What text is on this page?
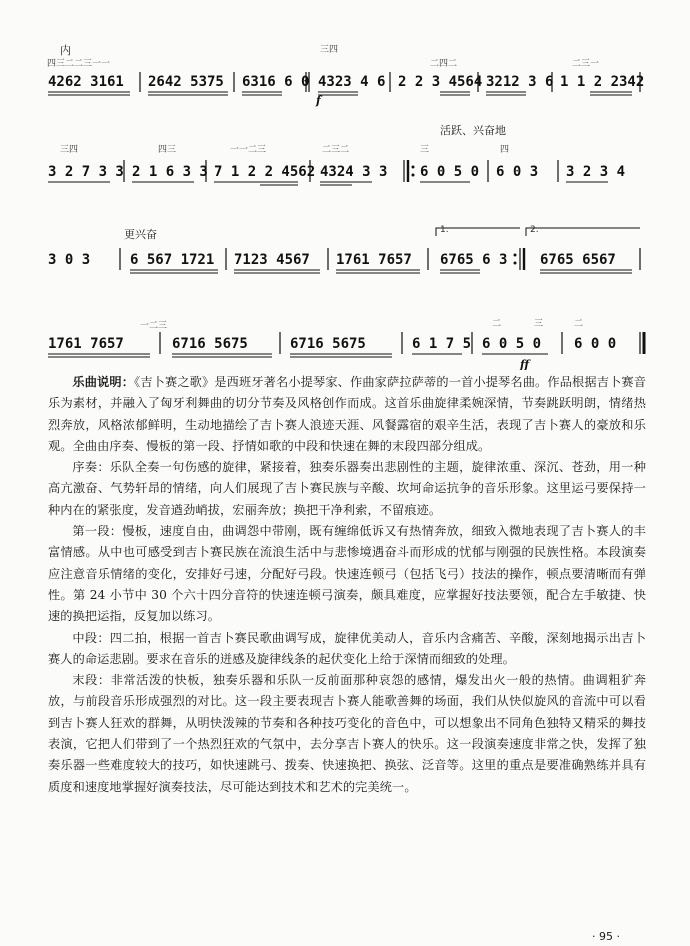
内
四三二二三一一
三四
二四二	二三一
4262 3161 2642 5375 6316 6 0 4323 4 6 2 2 3 4564 3212 3 6 1 1 2 2342
f
活跃、兴奋地
三四	四三	一一二三	二三二	三	四
3 2 7 3 3 2 1 6 3 3 7 1 2 2 4562 4324 3 3 6 0 5 0 6 0 3 3 2 3 4
更兴奋	1.	2.
3 0 3	6 567 1721 7123 4567 1761 7657 6765 6 3 6765 6567
一二三	二	三	二
1761 7657	6716 5675	6716 5675	6 1 7 5 6 0 5 0 6 0 0
ff

乐曲说明：《吉卜赛之歌》是西班牙著名小提琴家、作曲家萨拉萨蒂的一首小提琴名曲。作品根据吉卜赛音乐为素材，并融入了匈牙利舞曲的切分节奏及风格创作而成。这首乐曲旋律柔婉深情，节奏跳跃明朗，情绪热烈奔放，风格浓郁鲜明，生动地描绘了吉卜赛人浪迹天涯、风餐露宿的艰辛生活，表现了吉卜赛人的豪放和乐观。全曲由序奏、慢板的第一段、抒情如歌的中段和快速在舞的末段四部分组成。

序奏：乐队全奏一句伤感的旋律，紧接着，独奏乐器奏出悲剧性的主题，旋律浓重、深沉、苍劲，用一种高亢激奋、气势轩昂的情绪，向人们展现了吉卜赛民族与辛酸、坎坷命运抗争的音乐形象。这里运弓要保持一种内在的紧张度，发音遒劲峭拔，宏丽奔放；换把干净利索，不留痕迹。

第一段：慢板，速度自由，曲调怨中带刚，既有缠绵低诉又有热情奔放，细致入微地表现了吉卜赛人的丰富情感。从中也可感受到吉卜赛民族在流浪生活中与悲惨境遇奋斗而形成的忧郁与刚强的民族性格。本段演奏应注意音乐情绪的变化，安排好弓速，分配好弓段。快速连顿弓（包括飞弓）技法的操作，顿点要清晰而有弹性。第 24 小节中 30 个六十四分音符的快速连顿弓演奏，颇具难度，应掌握好技法要领，配合左手敏捷、快速的换把运指，反复加以练习。

中段：四二拍，根据一首吉卜赛民歌曲调写成，旋律优美动人，音乐内含痛苦、辛酸，深刻地揭示出吉卜赛人的命运悲剧。要求在音乐的迸感及旋律线条的起伏变化上给于深情而细致的处理。

末段：非常活泼的快板，独奏乐器和乐队一反前面那种哀怨的感情，爆发出火一般的热情。曲调粗犷奔放，与前段音乐形成强烈的对比。这一段主要表现吉卜赛人能歌善舞的场面，我们从快似旋风的音流中可以看到吉卜赛人狂欢的群舞，从明快泼辣的节奏和各种技巧变化的音色中，可以想象出不同角色独特又精采的舞技表演，它把人们带到了一个热烈狂欢的气氛中，去分享吉卜赛人的快乐。这一段演奏速度非常之快，发挥了独奏乐器一些难度较大的技巧，如快速跳弓、拨奏、快速换把、换弦、泛音等。这里的重点是要准确熟练并具有质度和速度地掌握好演奏技法，尽可能达到技术和艺术的完美统一。

· 95 ·
